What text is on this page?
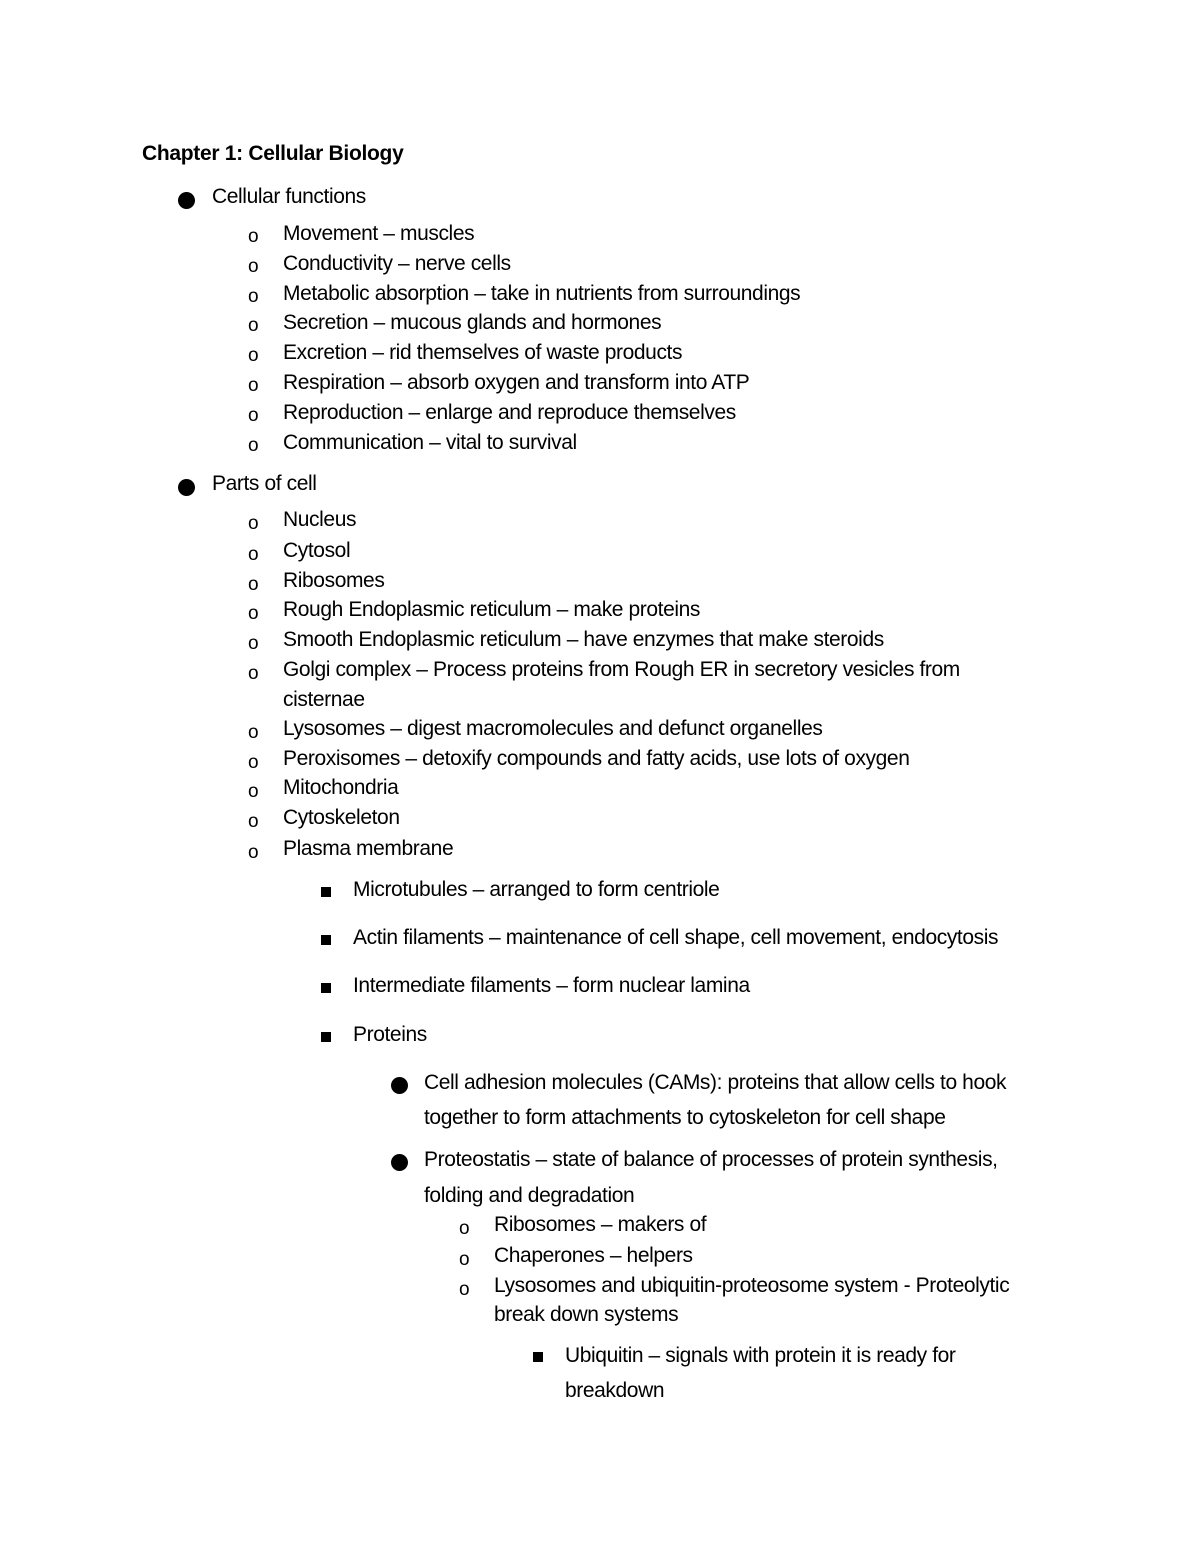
Chapter 1: Cellular Biology
Cellular functions
o Movement – muscles
o Conductivity – nerve cells
o Metabolic absorption – take in nutrients from surroundings
o Secretion – mucous glands and hormones
o Excretion – rid themselves of waste products
o Respiration – absorb oxygen and transform into ATP
o Reproduction – enlarge and reproduce themselves
o Communication – vital to survival
Parts of cell
o Nucleus
o Cytosol
o Ribosomes
o Rough Endoplasmic reticulum – make proteins
o Smooth Endoplasmic reticulum – have enzymes that make steroids
o Golgi complex – Process proteins from Rough ER in secretory vesicles from
cisternae
o Lysosomes – digest macromolecules and defunct organelles
o Peroxisomes – detoxify compounds and fatty acids, use lots of oxygen
o Mitochondria
o Cytoskeleton
o Plasma membrane
Microtubules – arranged to form centriole
Actin filaments – maintenance of cell shape, cell movement, endocytosis
Intermediate filaments – form nuclear lamina
Proteins
Cell adhesion molecules (CAMs): proteins that allow cells to hook
together to form attachments to cytoskeleton for cell shape
Proteostatis – state of balance of processes of protein synthesis,
folding and degradation
o Ribosomes – makers of
o Chaperones – helpers
o Lysosomes and ubiquitin-proteosome system - Proteolytic
break down systems
Ubiquitin – signals with protein it is ready for
breakdown
